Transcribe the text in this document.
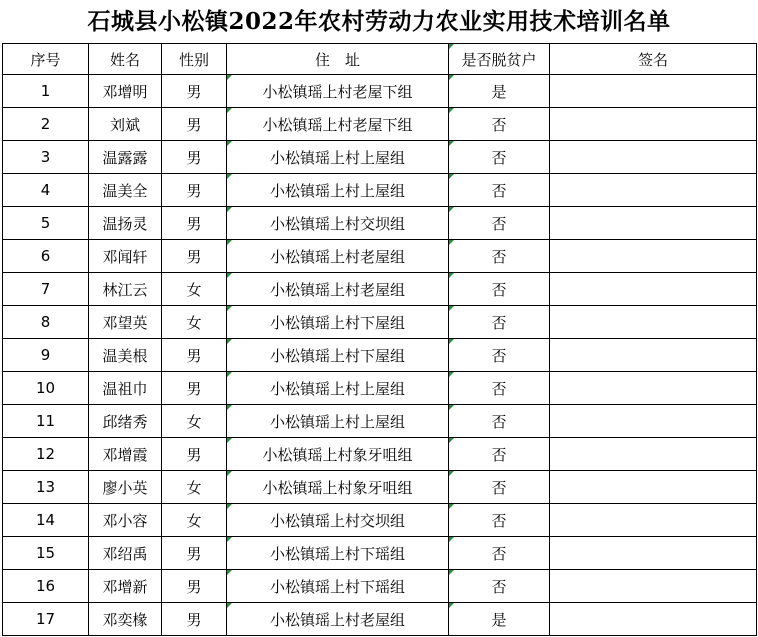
石城县小松镇2022年农村劳动力农业实用技术培训名单
序号	姓名	性别	住　址	是否脱贫户	签名
1	邓增明	男	小松镇瑶上村老屋下组	是	
2	刘斌	男	小松镇瑶上村老屋下组	否	
3	温露露	男	小松镇瑶上村上屋组	否	
4	温美全	男	小松镇瑶上村上屋组	否	
5	温扬灵	男	小松镇瑶上村交坝组	否	
6	邓闻轩	男	小松镇瑶上村老屋组	否	
7	林江云	女	小松镇瑶上村老屋组	否	
8	邓望英	女	小松镇瑶上村下屋组	否	
9	温美根	男	小松镇瑶上村下屋组	否	
10	温祖巾	男	小松镇瑶上村上屋组	否	
11	邱绪秀	女	小松镇瑶上村上屋组	否	
12	邓增霞	男	小松镇瑶上村象牙咀组	否	
13	廖小英	女	小松镇瑶上村象牙咀组	否	
14	邓小容	女	小松镇瑶上村交坝组	否	
15	邓绍禹	男	小松镇瑶上村下瑶组	否	
16	邓增新	男	小松镇瑶上村下瑶组	否	
17	邓奕椽	男	小松镇瑶上村老屋组	是	
